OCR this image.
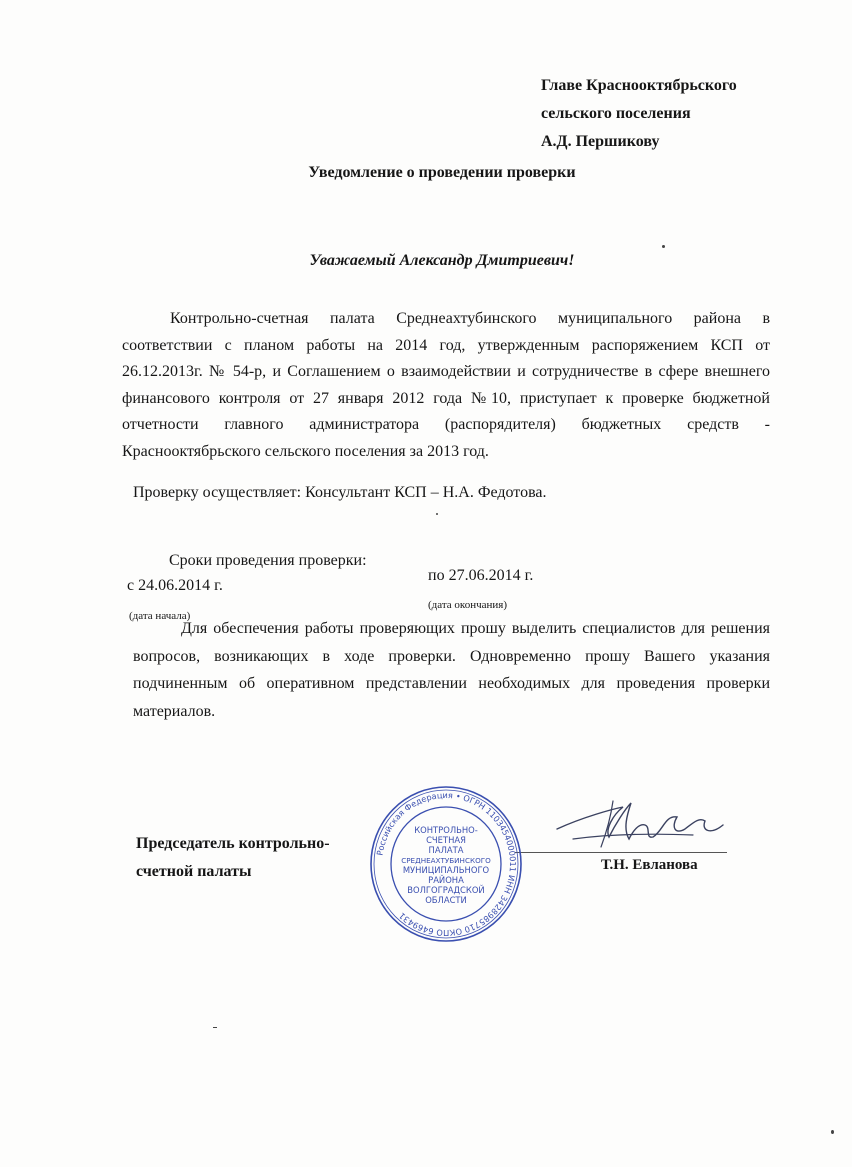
Главе Краснооктябрьского
сельского поселения
А.Д. Першикову
Уведомление о проведении проверки
Уважаемый Александр Дмитриевич!

Контрольно-счетная палата Среднеахтубинского муниципального района в соответствии с планом работы на 2014 год, утвержденным распоряжением КСП от 26.12.2013г. № 54-р, и Соглашением о взаимодействии и сотрудничестве в сфере внешнего финансового контроля от 27 января 2012 года №10, приступает к проверке бюджетной отчетности главного администратора (распорядителя) бюджетных средств - Краснооктябрьского сельского поселения за 2013 год.

Проверку осуществляет: Консультант КСП – Н.А. Федотова.
Сроки проведения проверки:
с 24.06.2014 г.
по 27.06.2014 г.
(дата начала)
(дата окончания)

Для обеспечения работы проверяющих прошу выделить специалистов для решения вопросов, возникающих в ходе проверки. Одновременно прошу Вашего указания подчиненным об оперативном представлении необходимых для проведения проверки материалов.

Председатель контрольно-
счетной палаты
Российская Федерация • ОГРН 1103454000011 ИНН 3428985710 ОКПО 6469431
КОНТРОЛЬНО-
СЧЕТНАЯ
ПАЛАТА
СРЕДНЕАХТУБИНСКОГО
МУНИЦИПАЛЬНОГО
РАЙОНА
ВОЛГОГРАДСКОЙ
ОБЛАСТИ
Т.Н. Евланова
